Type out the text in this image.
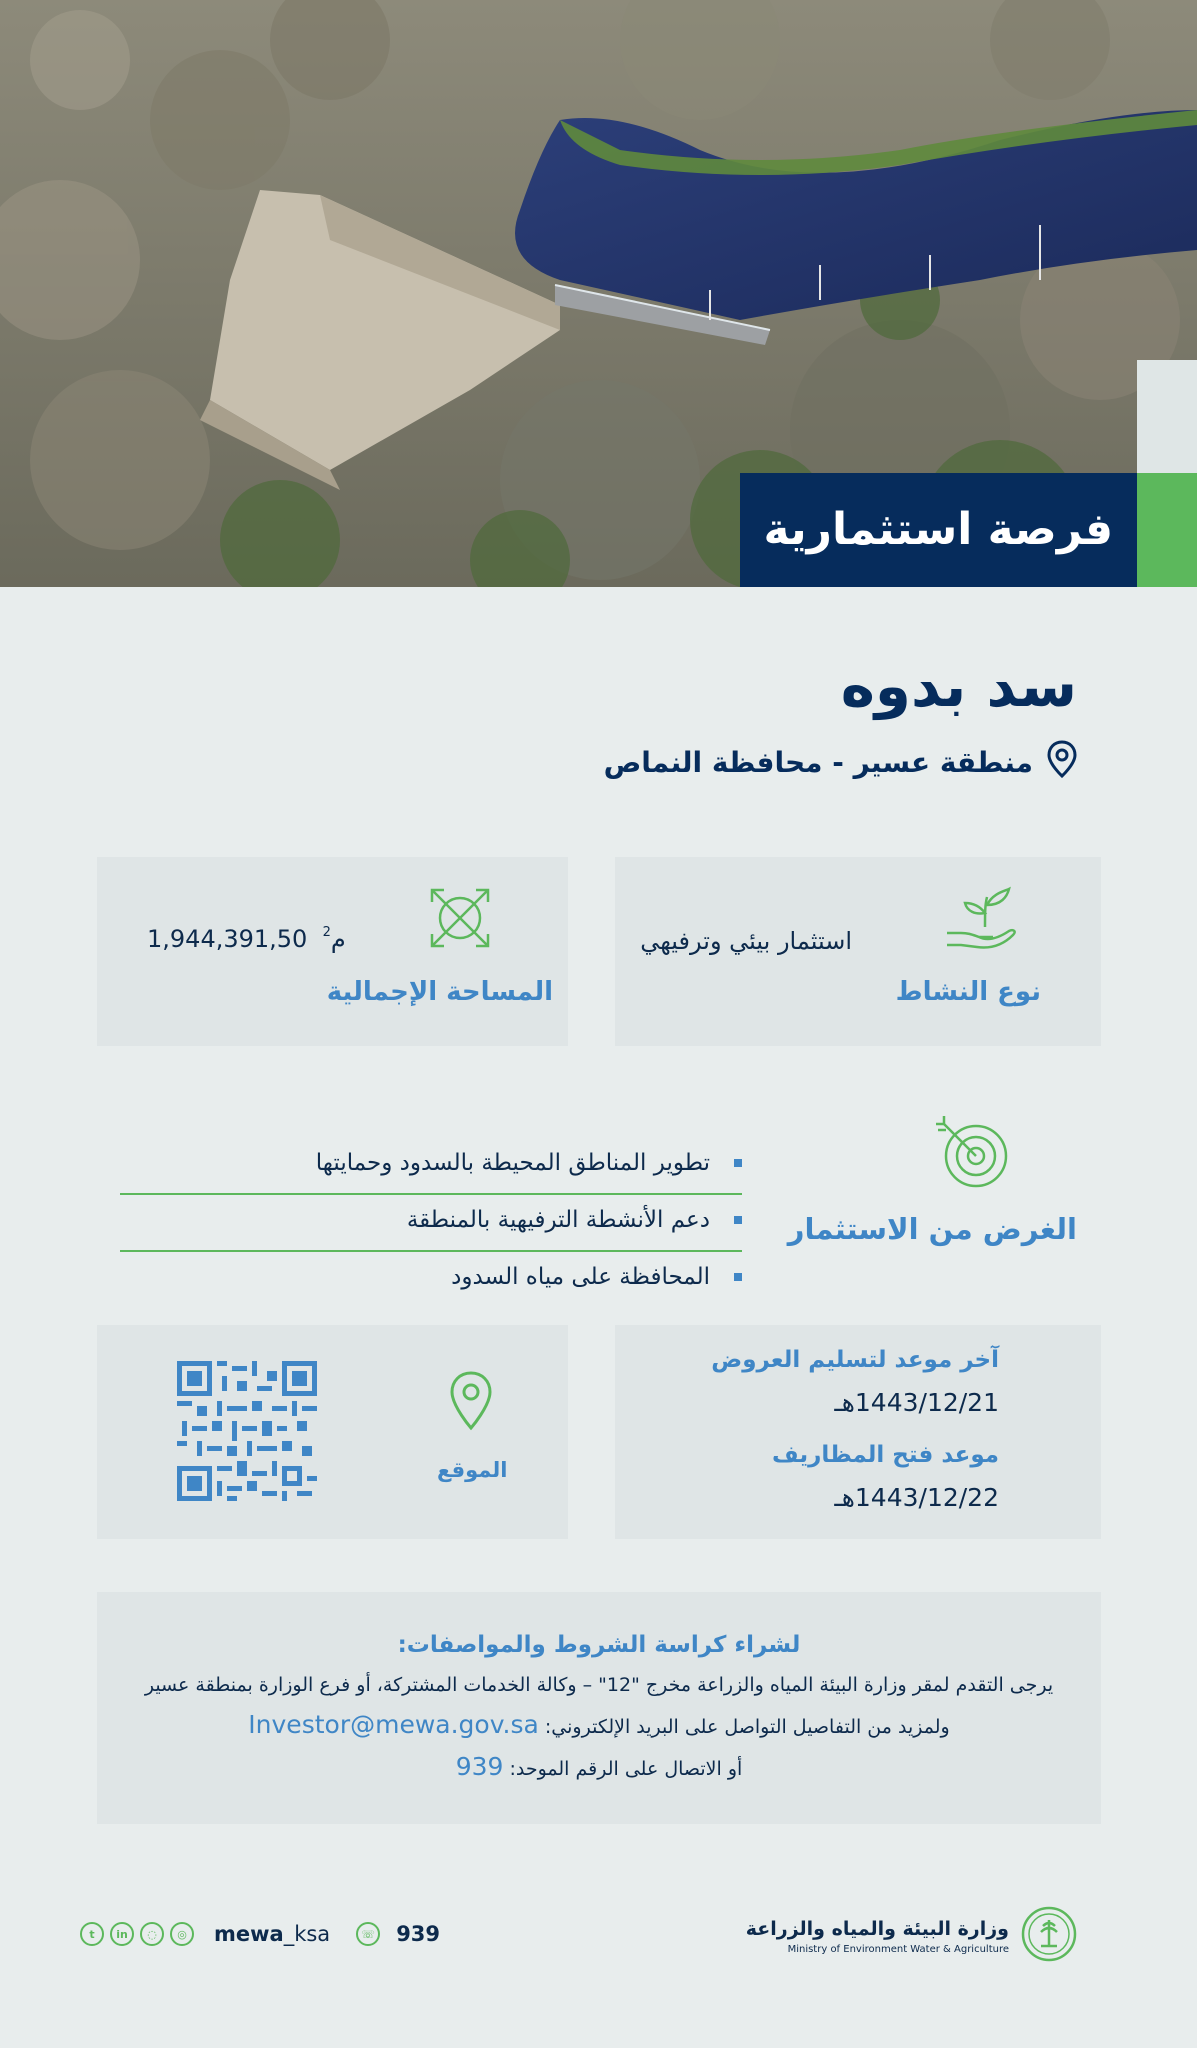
فرصة استثمارية
سد بدوه
منطقة عسير - محافظة النماص
استثمار بيئي وترفيهي
نوع النشاط
م$^2$  1,944,391,50
المساحة الإجمالية
الغرض من الاستثمار
تطوير المناطق المحيطة بالسدود وحمايتها
دعم الأنشطة الترفيهية بالمنطقة
المحافظة على مياه السدود
آخر موعد لتسليم العروض
1443/12/21هـ
موعد فتح المظاريف
1443/12/22هـ
الموقع
لشراء كراسة الشروط والمواصفات:
يرجى التقدم لمقر وزارة البيئة المياه والزراعة مخرج "12" – وكالة الخدمات المشتركة، أو فرع الوزارة بمنطقة عسير
ولمزيد من التفاصيل التواصل على البريد الإلكتروني: Investor@mewa.gov.sa
أو الاتصال على الرقم الموحد: 939
t	in	◌	◎	mewa_ksa	☏ 939	وزارة البيئة والمياه والزراعة
Ministry of Environment Water & Agriculture
